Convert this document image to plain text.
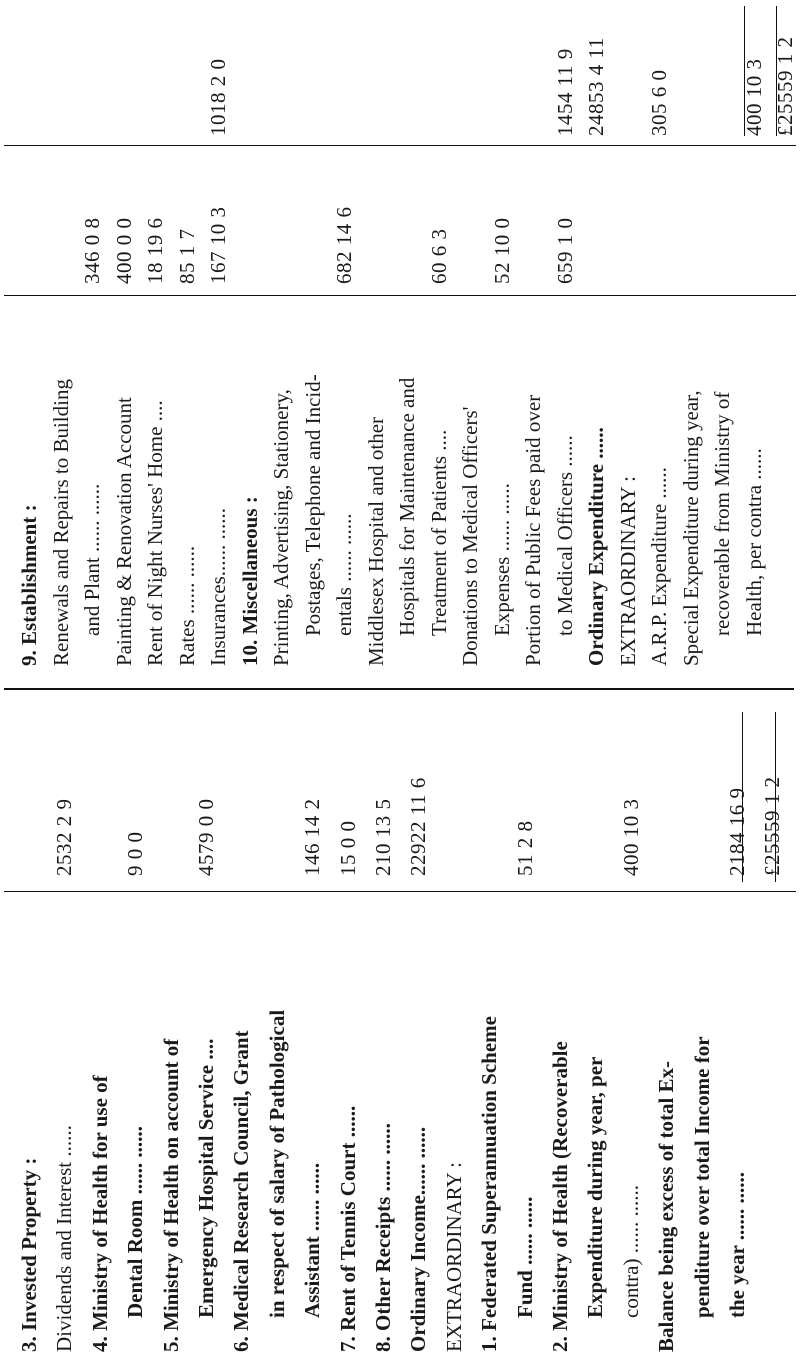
3. Invested Property : Dividends and Interest ......
2532 2 9
4. Ministry of Health for use of Dental Room ...... ......
9 0 0
5. Ministry of Health on account of Emergency Hospital Service ....
4579 0 0
6. Medical Research Council, Grant in respect of salary of Pathological Assistant ...... ......
146 14 2
7. Rent of Tennis Court ......
15 0 0
8. Other Receipts ...... ......
210 13 5
Ordinary Income...... ......
22922 11 6
EXTRAORDINARY : 1. Federated Superannuation Scheme Fund ...... ......
51 2 8
2. Ministry of Health (Recoverable Expenditure during year, per contra) ...... ......
400 10 3
Balance being excess of total Ex- penditure over total Income for the year ...... ......
2184 16 9 £25559 1 2
9. Establishment : Renewals and Repairs to Building and Plant ...... ......
346 0 8
Painting & Renovation Account
400 0 0
Rent of Night Nurses' Home ....
18 19 6
Rates ...... ......
85 1 7
Insurances...... ......
167 10 3
1018 2 0
10. Miscellaneous : Printing, Advertising, Stationery, Postages, Telephone and Incid- entals ...... ......
682 14 6
Middlesex Hospital and other Hospitals for Maintenance and Treatment of Patients ....
60 6 3
Donations to Medical Officers' Expenses ...... ......
52 10 0
Portion of Public Fees paid over to Medical Officers ......
659 1 0
1454 11 9
Ordinary Expenditure ......
24853 4 11
EXTRAORDINARY : A.R.P. Expenditure ......
305 6 0
Special Expenditure during year, recoverable from Ministry of Health, per contra ......
400 10 3 £25559 1 2
